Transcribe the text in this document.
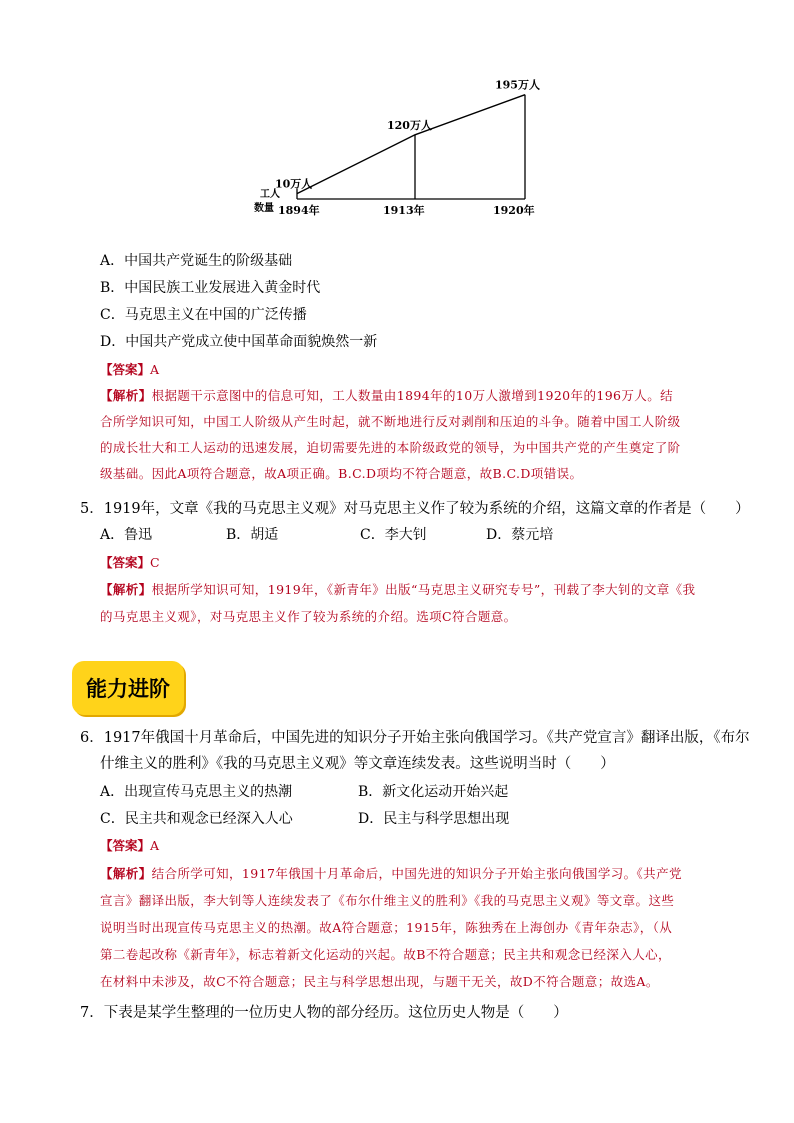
10万人
1894年
120万人
1913年
195万人
1920年
工人数量
A．中国共产党诞生的阶级基础
B．中国民族工业发展进入黄金时代
C．马克思主义在中国的广泛传播
D．中国共产党成立使中国革命面貌焕然一新
【答案】A
【解析】根据题干示意图中的信息可知，工人数量由1894年的10万人激增到1920年的196万人。结
合所学知识可知，中国工人阶级从产生时起，就不断地进行反对剥削和压迫的斗争。随着中国工人阶级
的成长壮大和工人运动的迅速发展，迫切需要先进的本阶级政党的领导，为中国共产党的产生奠定了阶
级基础。因此A项符合题意，故A项正确。B.C.D项均不符合题意，故B.C.D项错误。
5．1919年，文章《我的马克思主义观》对马克思主义作了较为系统的介绍，这篇文章的作者是（　　）
A．鲁迅	B．胡适	C．李大钊	D．蔡元培
【答案】C
【解析】根据所学知识可知，1919年，《新青年》出版“马克思主义研究专号”，刊载了李大钊的文章《我
的马克思主义观》，对马克思主义作了较为系统的介绍。选项C符合题意。
能力进阶
6．1917年俄国十月革命后，中国先进的知识分子开始主张向俄国学习。《共产党宣言》翻译出版，《布尔
什维主义的胜利》《我的马克思主义观》等文章连续发表。这些说明当时（　　）
A．出现宣传马克思主义的热潮	B．新文化运动开始兴起
C．民主共和观念已经深入人心	D．民主与科学思想出现
【答案】A
【解析】结合所学可知，1917年俄国十月革命后，中国先进的知识分子开始主张向俄国学习。《共产党
宣言》翻译出版，李大钊等人连续发表了《布尔什维主义的胜利》《我的马克思主义观》等文章。这些
说明当时出现宣传马克思主义的热潮。故A符合题意；1915年，陈独秀在上海创办《青年杂志》，（从
第二卷起改称《新青年》，标志着新文化运动的兴起。故B不符合题意；民主共和观念已经深入人心，
在材料中未涉及，故C不符合题意；民主与科学思想出现，与题干无关，故D不符合题意；故选A。
7．下表是某学生整理的一位历史人物的部分经历。这位历史人物是（　　）
